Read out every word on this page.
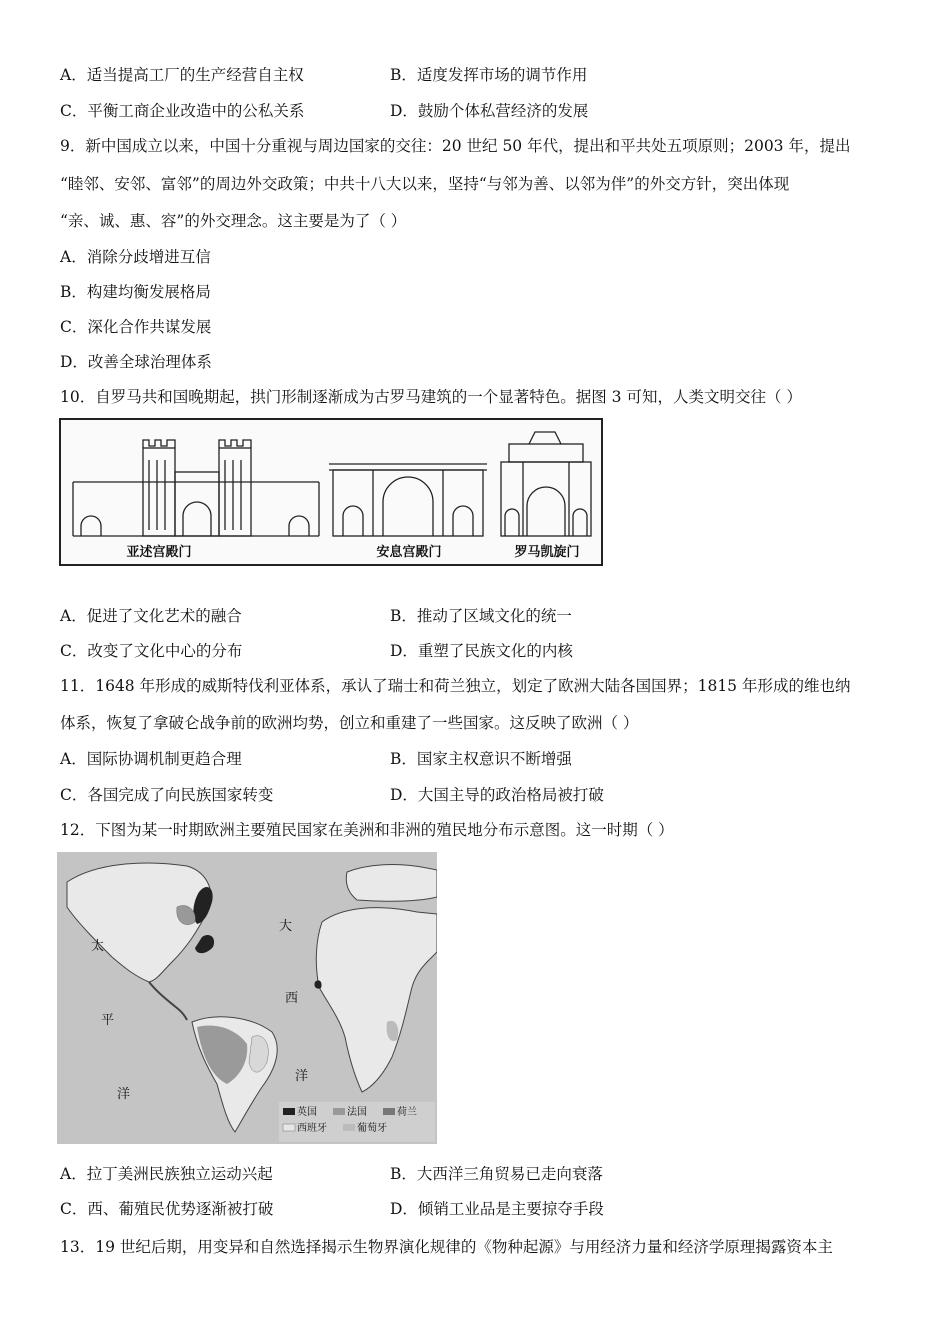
A．适当提高工厂的生产经营自主权	B．适度发挥市场的调节作用
C．平衡工商企业改造中的公私关系	D．鼓励个体私营经济的发展
9．新中国成立以来，中国十分重视与周边国家的交往：20 世纪 50 年代，提出和平共处五项原则；2003 年，提出
“睦邻、安邻、富邻”的周边外交政策；中共十八大以来，坚持“与邻为善、以邻为伴”的外交方针，突出体现
“亲、诚、惠、容”的外交理念。这主要是为了（ ）
A．消除分歧增进互信
B．构建均衡发展格局
C．深化合作共谋发展
D．改善全球治理体系
10．自罗马共和国晚期起，拱门形制逐渐成为古罗马建筑的一个显著特色。据图 3 可知，人类文明交往（ ）
亚述宫殿门	安息宫殿门	罗马凯旋门
A．促进了文化艺术的融合	B．推动了区域文化的统一
C．改变了文化中心的分布	D．重塑了民族文化的内核
11．1648 年形成的威斯特伐利亚体系，承认了瑞士和荷兰独立，划定了欧洲大陆各国国界；1815 年形成的维也纳
体系，恢复了拿破仑战争前的欧洲均势，创立和重建了一些国家。这反映了欧洲（ ）
A．国际协调机制更趋合理	B．国家主权意识不断增强
C．各国完成了向民族国家转变	D．大国主导的政治格局被打破
12．下图为某一时期欧洲主要殖民国家在美洲和非洲的殖民地分布示意图。这一时期（ ）
太
平
洋
大
西
洋
英国	法国	荷兰
西班牙	葡萄牙
A．拉丁美洲民族独立运动兴起	B．大西洋三角贸易已走向衰落
C．西、葡殖民优势逐渐被打破	D．倾销工业品是主要掠夺手段
13．19 世纪后期，用变异和自然选择揭示生物界演化规律的《物种起源》与用经济力量和经济学原理揭露资本主
